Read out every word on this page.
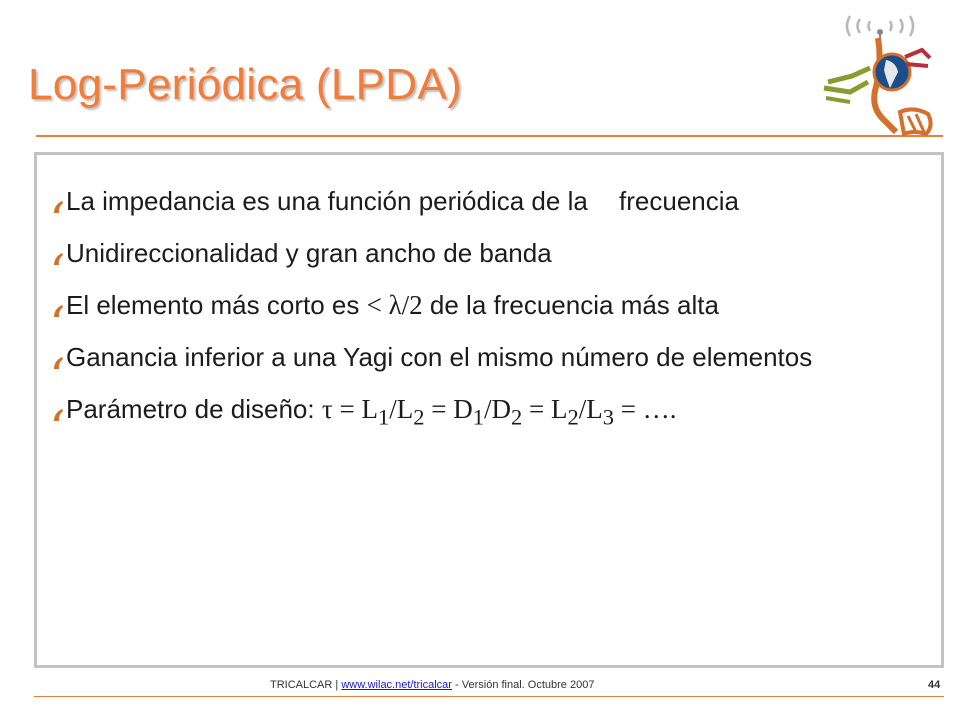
Log-Periódica (LPDA)
La impedancia es una función periódica de la frecuencia
Unidireccionalidad y gran ancho de banda
El elemento más corto es < λ/2 de la frecuencia más alta
Ganancia inferior a una Yagi con el mismo número de elementos
Parámetro de diseño: $\tau = L_1/L_2 = D_1/D_2 = L_2/L_3$ = ….
TRICALCAR | www.wilac.net/tricalcar - Versión final. Octubre 2007	44
